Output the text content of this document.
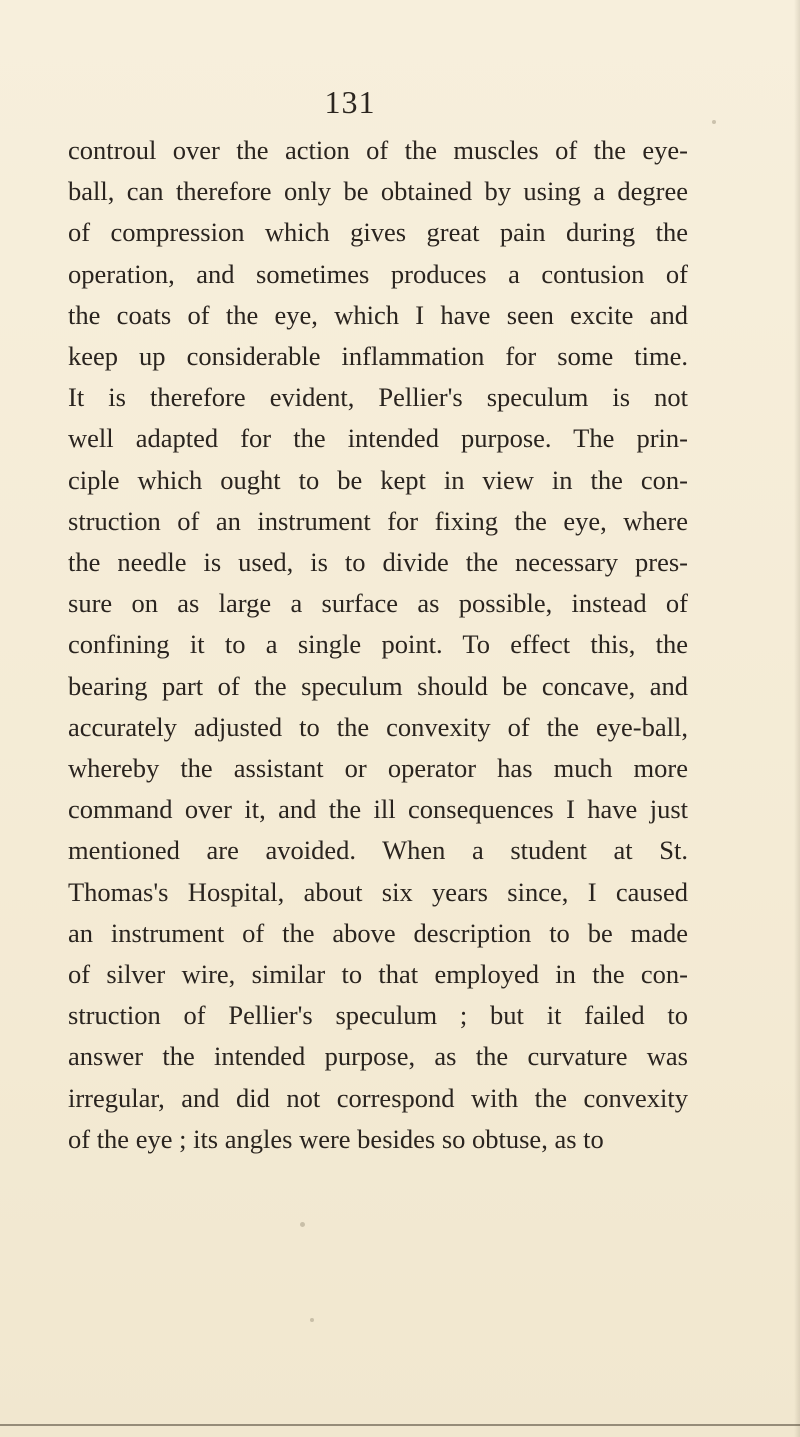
131
controul over the action of the muscles of the eye-
ball, can therefore only be obtained by using a degree
of compression which gives great pain during the
operation, and sometimes produces a contusion of
the coats of the eye, which I have seen excite and
keep up considerable inflammation for some time.
It is therefore evident, Pellier's speculum is not
well adapted for the intended purpose. The prin-
ciple which ought to be kept in view in the con-
struction of an instrument for fixing the eye, where
the needle is used, is to divide the necessary pres-
sure on as large a surface as possible, instead of
confining it to a single point. To effect this, the
bearing part of the speculum should be concave, and
accurately adjusted to the convexity of the eye-ball,
whereby the assistant or operator has much more
command over it, and the ill consequences I have just
mentioned are avoided. When a student at St.
Thomas's Hospital, about six years since, I caused
an instrument of the above description to be made
of silver wire, similar to that employed in the con-
struction of Pellier's speculum ; but it failed to
answer the intended purpose, as the curvature was
irregular, and did not correspond with the convexity
of the eye ; its angles were besides so obtuse, as to
